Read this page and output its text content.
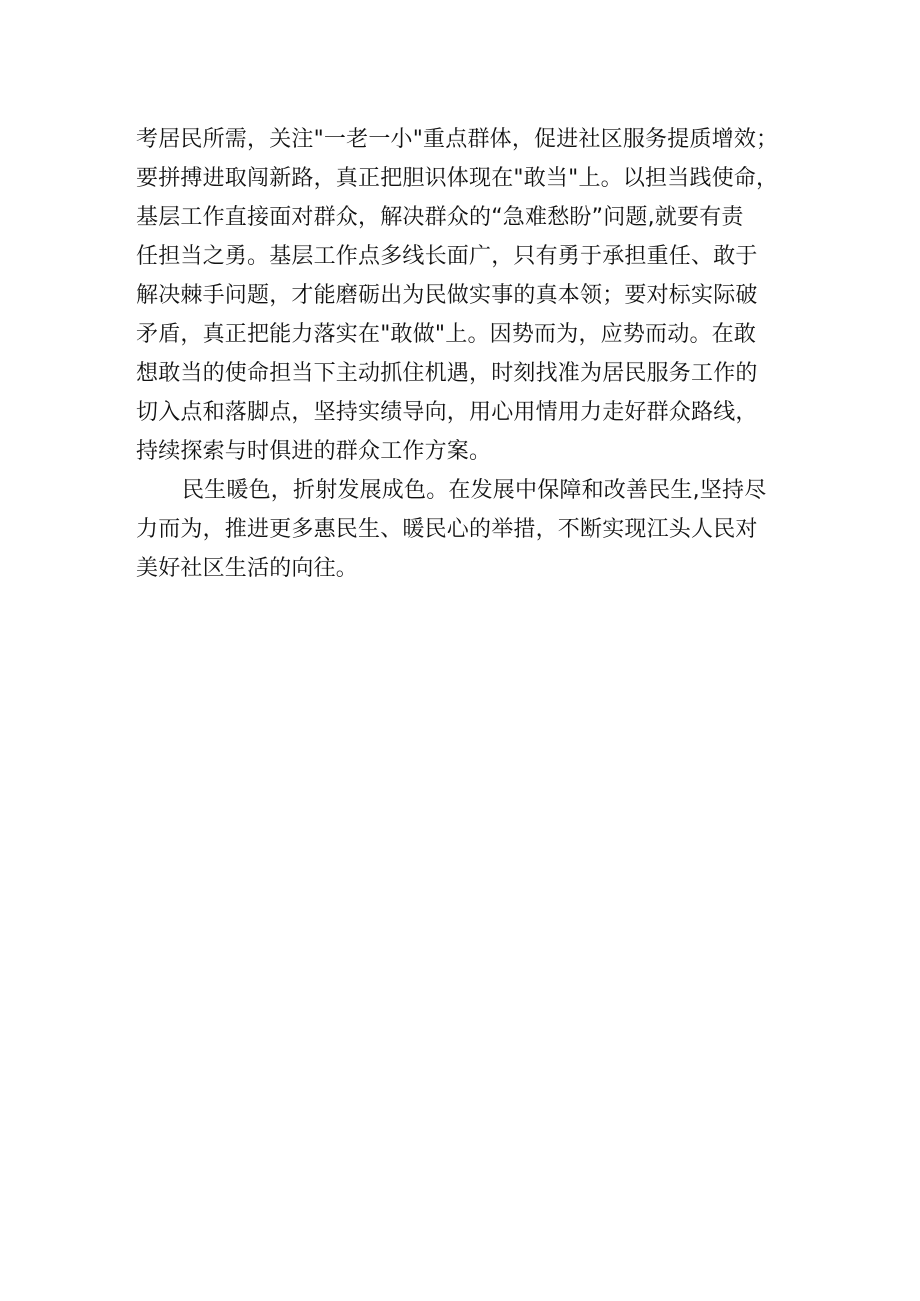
考居民所需，关注"一老一小"重点群体，促进社区服务提质增效；
要拼搏进取闯新路，真正把胆识体现在"敢当"上。以担当践使命，
基层工作直接面对群众，解决群众的“急难愁盼”问题,就要有责
任担当之勇。基层工作点多线长面广，只有勇于承担重任、敢于
解决棘手问题，才能磨砺出为民做实事的真本领；要对标实际破
矛盾，真正把能力落实在"敢做"上。因势而为，应势而动。在敢
想敢当的使命担当下主动抓住机遇，时刻找准为居民服务工作的
切入点和落脚点，坚持实绩导向，用心用情用力走好群众路线，
持续探索与时俱进的群众工作方案。
民生暖色，折射发展成色。在发展中保障和改善民生,坚持尽
力而为，推进更多惠民生、暖民心的举措，不断实现江头人民对
美好社区生活的向往。
